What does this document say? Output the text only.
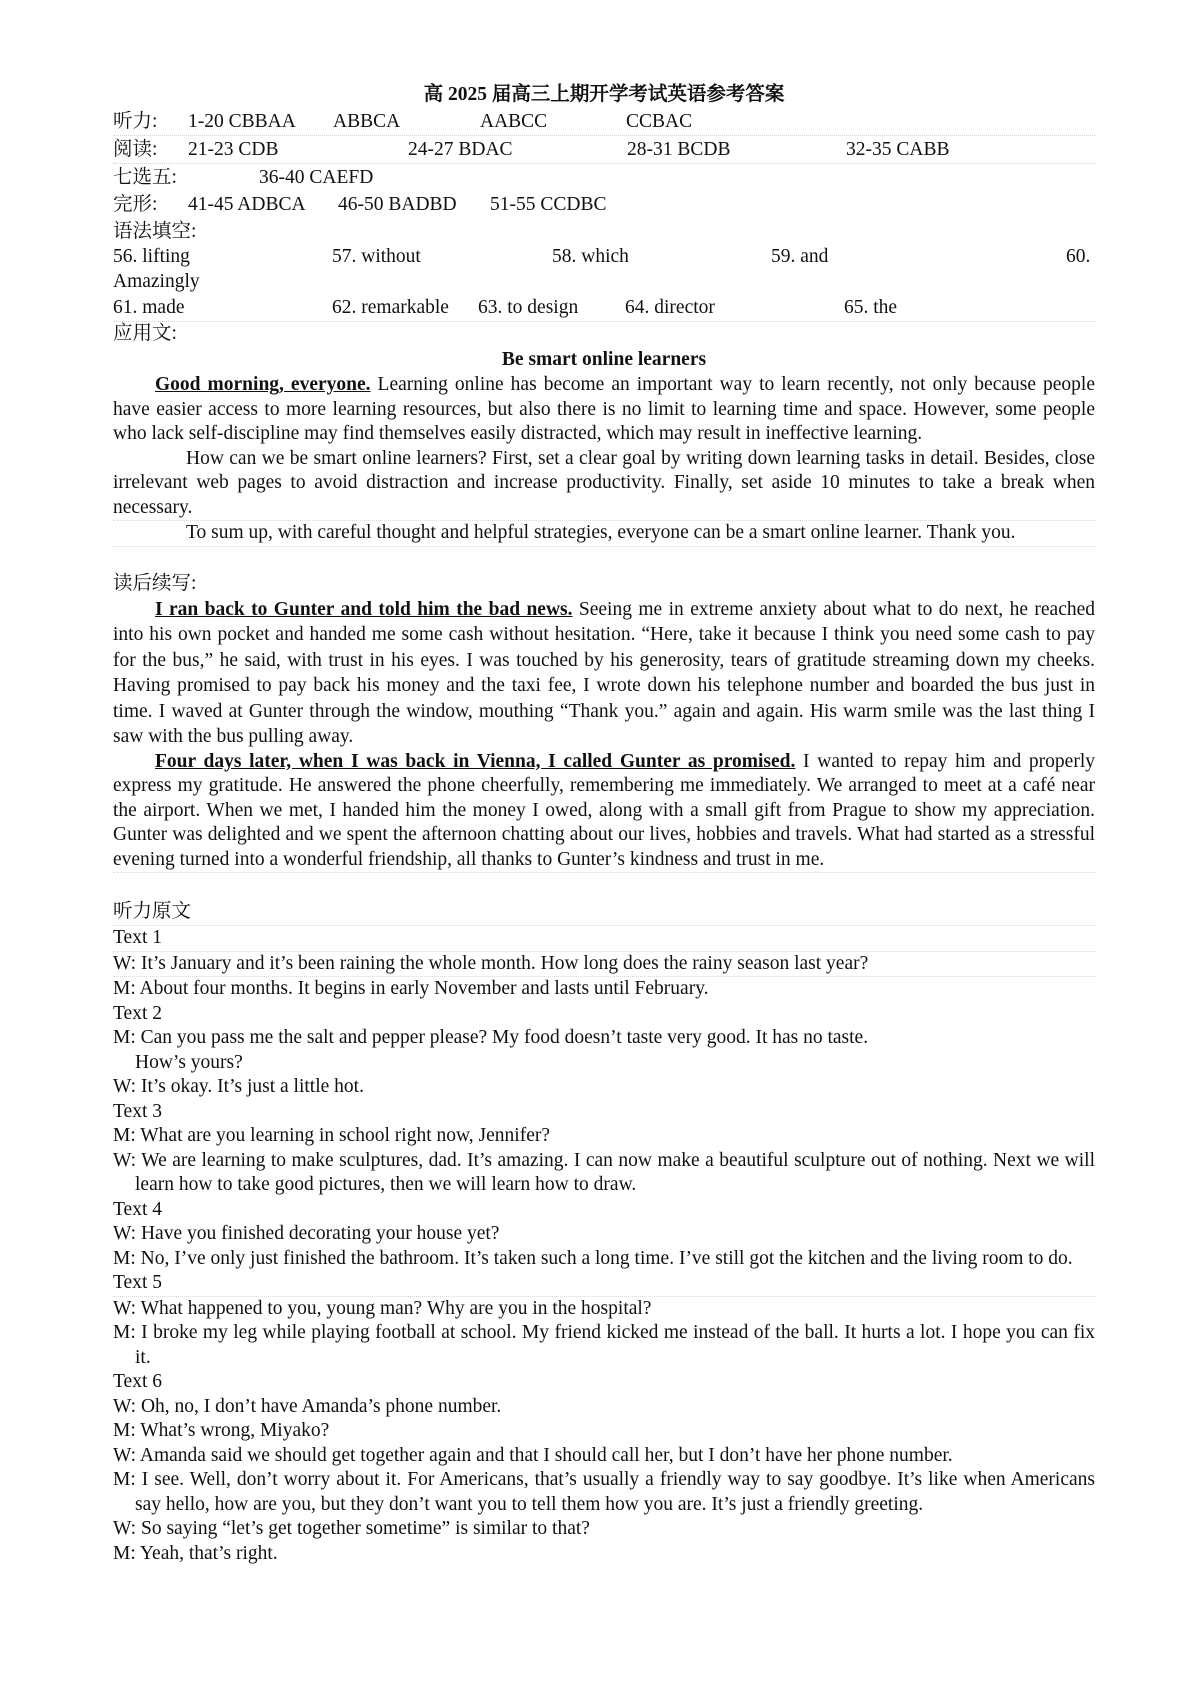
高 2025 届高三上期开学考试英语参考答案
听力:	1-20 CBBAA	ABBCA	AABCC	CCBAC
阅读:	21-23 CDB	24-27 BDAC	28-31 BCDB	32-35 CABB
七选五:	36-40 CAEFD
完形:	41-45 ADBCA	46-50 BADBD	51-55 CCDBC
语法填空:
56. lifting	57. without	58. which	59. and	60.
Amazingly
61. made	62. remarkable	63. to design	64. director	65. the
应用文:
Be smart online learners

Good morning, everyone. Learning online has become an important way to learn recently, not only because people have easier access to more learning resources, but also there is no limit to learning time and space. However, some people who lack self-discipline may find themselves easily distracted, which may result in ineffective learning.

How can we be smart online learners? First, set a clear goal by writing down learning tasks in detail. Besides, close irrelevant web pages to avoid distraction and increase productivity. Finally, set aside 10 minutes to take a break when necessary.

To sum up, with careful thought and helpful strategies, everyone can be a smart online learner. Thank you.

读后续写:

I ran back to Gunter and told him the bad news. Seeing me in extreme anxiety about what to do next, he reached into his own pocket and handed me some cash without hesitation. “Here, take it because I think you need some cash to pay for the bus,” he said, with trust in his eyes. I was touched by his generosity, tears of gratitude streaming down my cheeks. Having promised to pay back his money and the taxi fee, I wrote down his telephone number and boarded the bus just in time. I waved at Gunter through the window, mouthing “Thank you.” again and again. His warm smile was the last thing I saw with the bus pulling away.

Four days later, when I was back in Vienna, I called Gunter as promised. I wanted to repay him and properly express my gratitude. He answered the phone cheerfully, remembering me immediately. We arranged to meet at a café near the airport. When we met, I handed him the money I owed, along with a small gift from Prague to show my appreciation. Gunter was delighted and we spent the afternoon chatting about our lives, hobbies and travels. What had started as a stressful evening turned into a wonderful friendship, all thanks to Gunter’s kindness and trust in me.

听力原文

Text 1

W: It’s January and it’s been raining the whole month. How long does the rainy season last year?

M: About four months. It begins in early November and lasts until February.

Text 2

M: Can you pass me the salt and pepper please? My food doesn’t taste very good. It has no taste.

How’s yours?

W: It’s okay. It’s just a little hot.

Text 3

M: What are you learning in school right now, Jennifer?

W: We are learning to make sculptures, dad. It’s amazing. I can now make a beautiful sculpture out of nothing. Next we will learn how to take good pictures, then we will learn how to draw.

Text 4

W: Have you finished decorating your house yet?

M: No, I’ve only just finished the bathroom. It’s taken such a long time. I’ve still got the kitchen and the living room to do.

Text 5

W: What happened to you, young man? Why are you in the hospital?

M: I broke my leg while playing football at school. My friend kicked me instead of the ball. It hurts a lot. I hope you can fix it.

Text 6

W: Oh, no, I don’t have Amanda’s phone number.

M: What’s wrong, Miyako?

W: Amanda said we should get together again and that I should call her, but I don’t have her phone number.

M: I see. Well, don’t worry about it. For Americans, that’s usually a friendly way to say goodbye. It’s like when Americans say hello, how are you, but they don’t want you to tell them how you are. It’s just a friendly greeting.

W: So saying “let’s get together sometime” is similar to that?

M: Yeah, that’s right.
